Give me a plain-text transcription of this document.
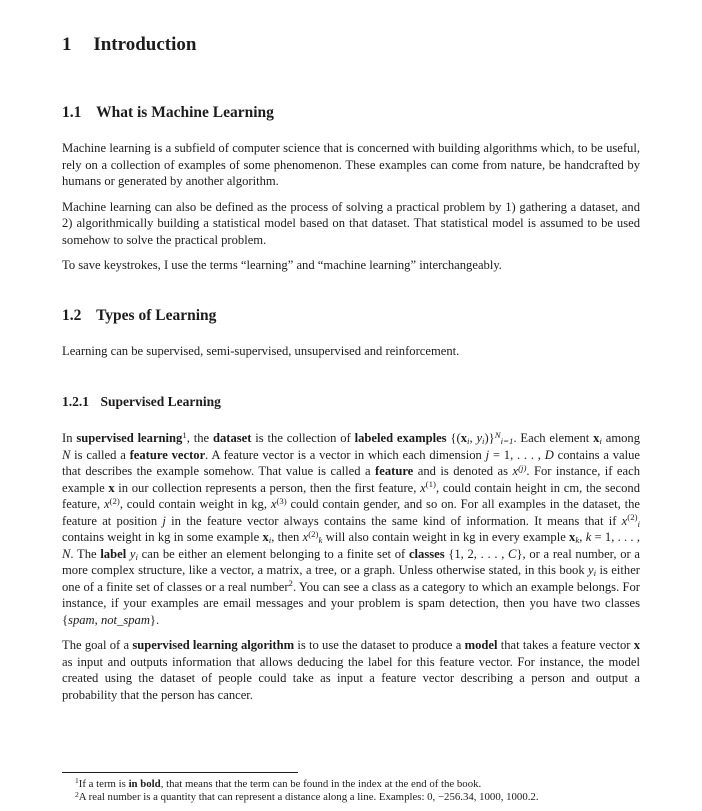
1 Introduction
1.1 What is Machine Learning

Machine learning is a subfield of computer science that is concerned with building algorithms which, to be useful, rely on a collection of examples of some phenomenon. These examples can come from nature, be handcrafted by humans or generated by another algorithm.

Machine learning can also be defined as the process of solving a practical problem by 1) gathering a dataset, and 2) algorithmically building a statistical model based on that dataset. That statistical model is assumed to be used somehow to solve the practical problem.

To save keystrokes, I use the terms “learning” and “machine learning” interchangeably.

1.2 Types of Learning

Learning can be supervised, semi-supervised, unsupervised and reinforcement.

1.2.1 Supervised Learning

In supervised learning$^1$, the dataset is the collection of labeled examples {($x_i$, $y_i)\}^N_{i=1}$. Each element $x_i$ among N is called a feature vector. A feature vector is a vector in which each dimension j = 1, . . . , D contains a value that describes the example somehow. That value is called a feature and is denoted as $x^{(j)}$. For instance, if each example x in our collection represents a person, then the first feature, $x^{(1)}$, could contain height in cm, the second feature, $x^{(2)}$, could contain weight in kg, $x^{(3)}$ could contain gender, and so on. For all examples in the dataset, the feature at position j in the feature vector always contains the same kind of information. It means that if $x^{(2)}_i$ contains weight in kg in some example $x_i$, then $x^{(2)}_k$ will also contain weight in kg in every example $x_k$, k = 1, . . . , N. The label $y_i$ can be either an element belonging to a finite set of classes {1, 2, . . . , C}, or a real number, or a more complex structure, like a vector, a matrix, a tree, or a graph. Unless otherwise stated, in this book $y_i$ is either one of a finite set of classes or a real number$^2$. You can see a class as a category to which an example belongs. For instance, if your examples are email messages and your problem is spam detection, then you have two classes {spam, not_spam}.

The goal of a supervised learning algorithm is to use the dataset to produce a model that takes a feature vector x as input and outputs information that allows deducing the label for this feature vector. For instance, the model created using the dataset of people could take as input a feature vector describing a person and output a probability that the person has cancer.

$^1$If a term is in bold, that means that the term can be found in the index at the end of the book.

$^2$A real number is a quantity that can represent a distance along a line. Examples: 0, −256.34, 1000, 1000.2.
